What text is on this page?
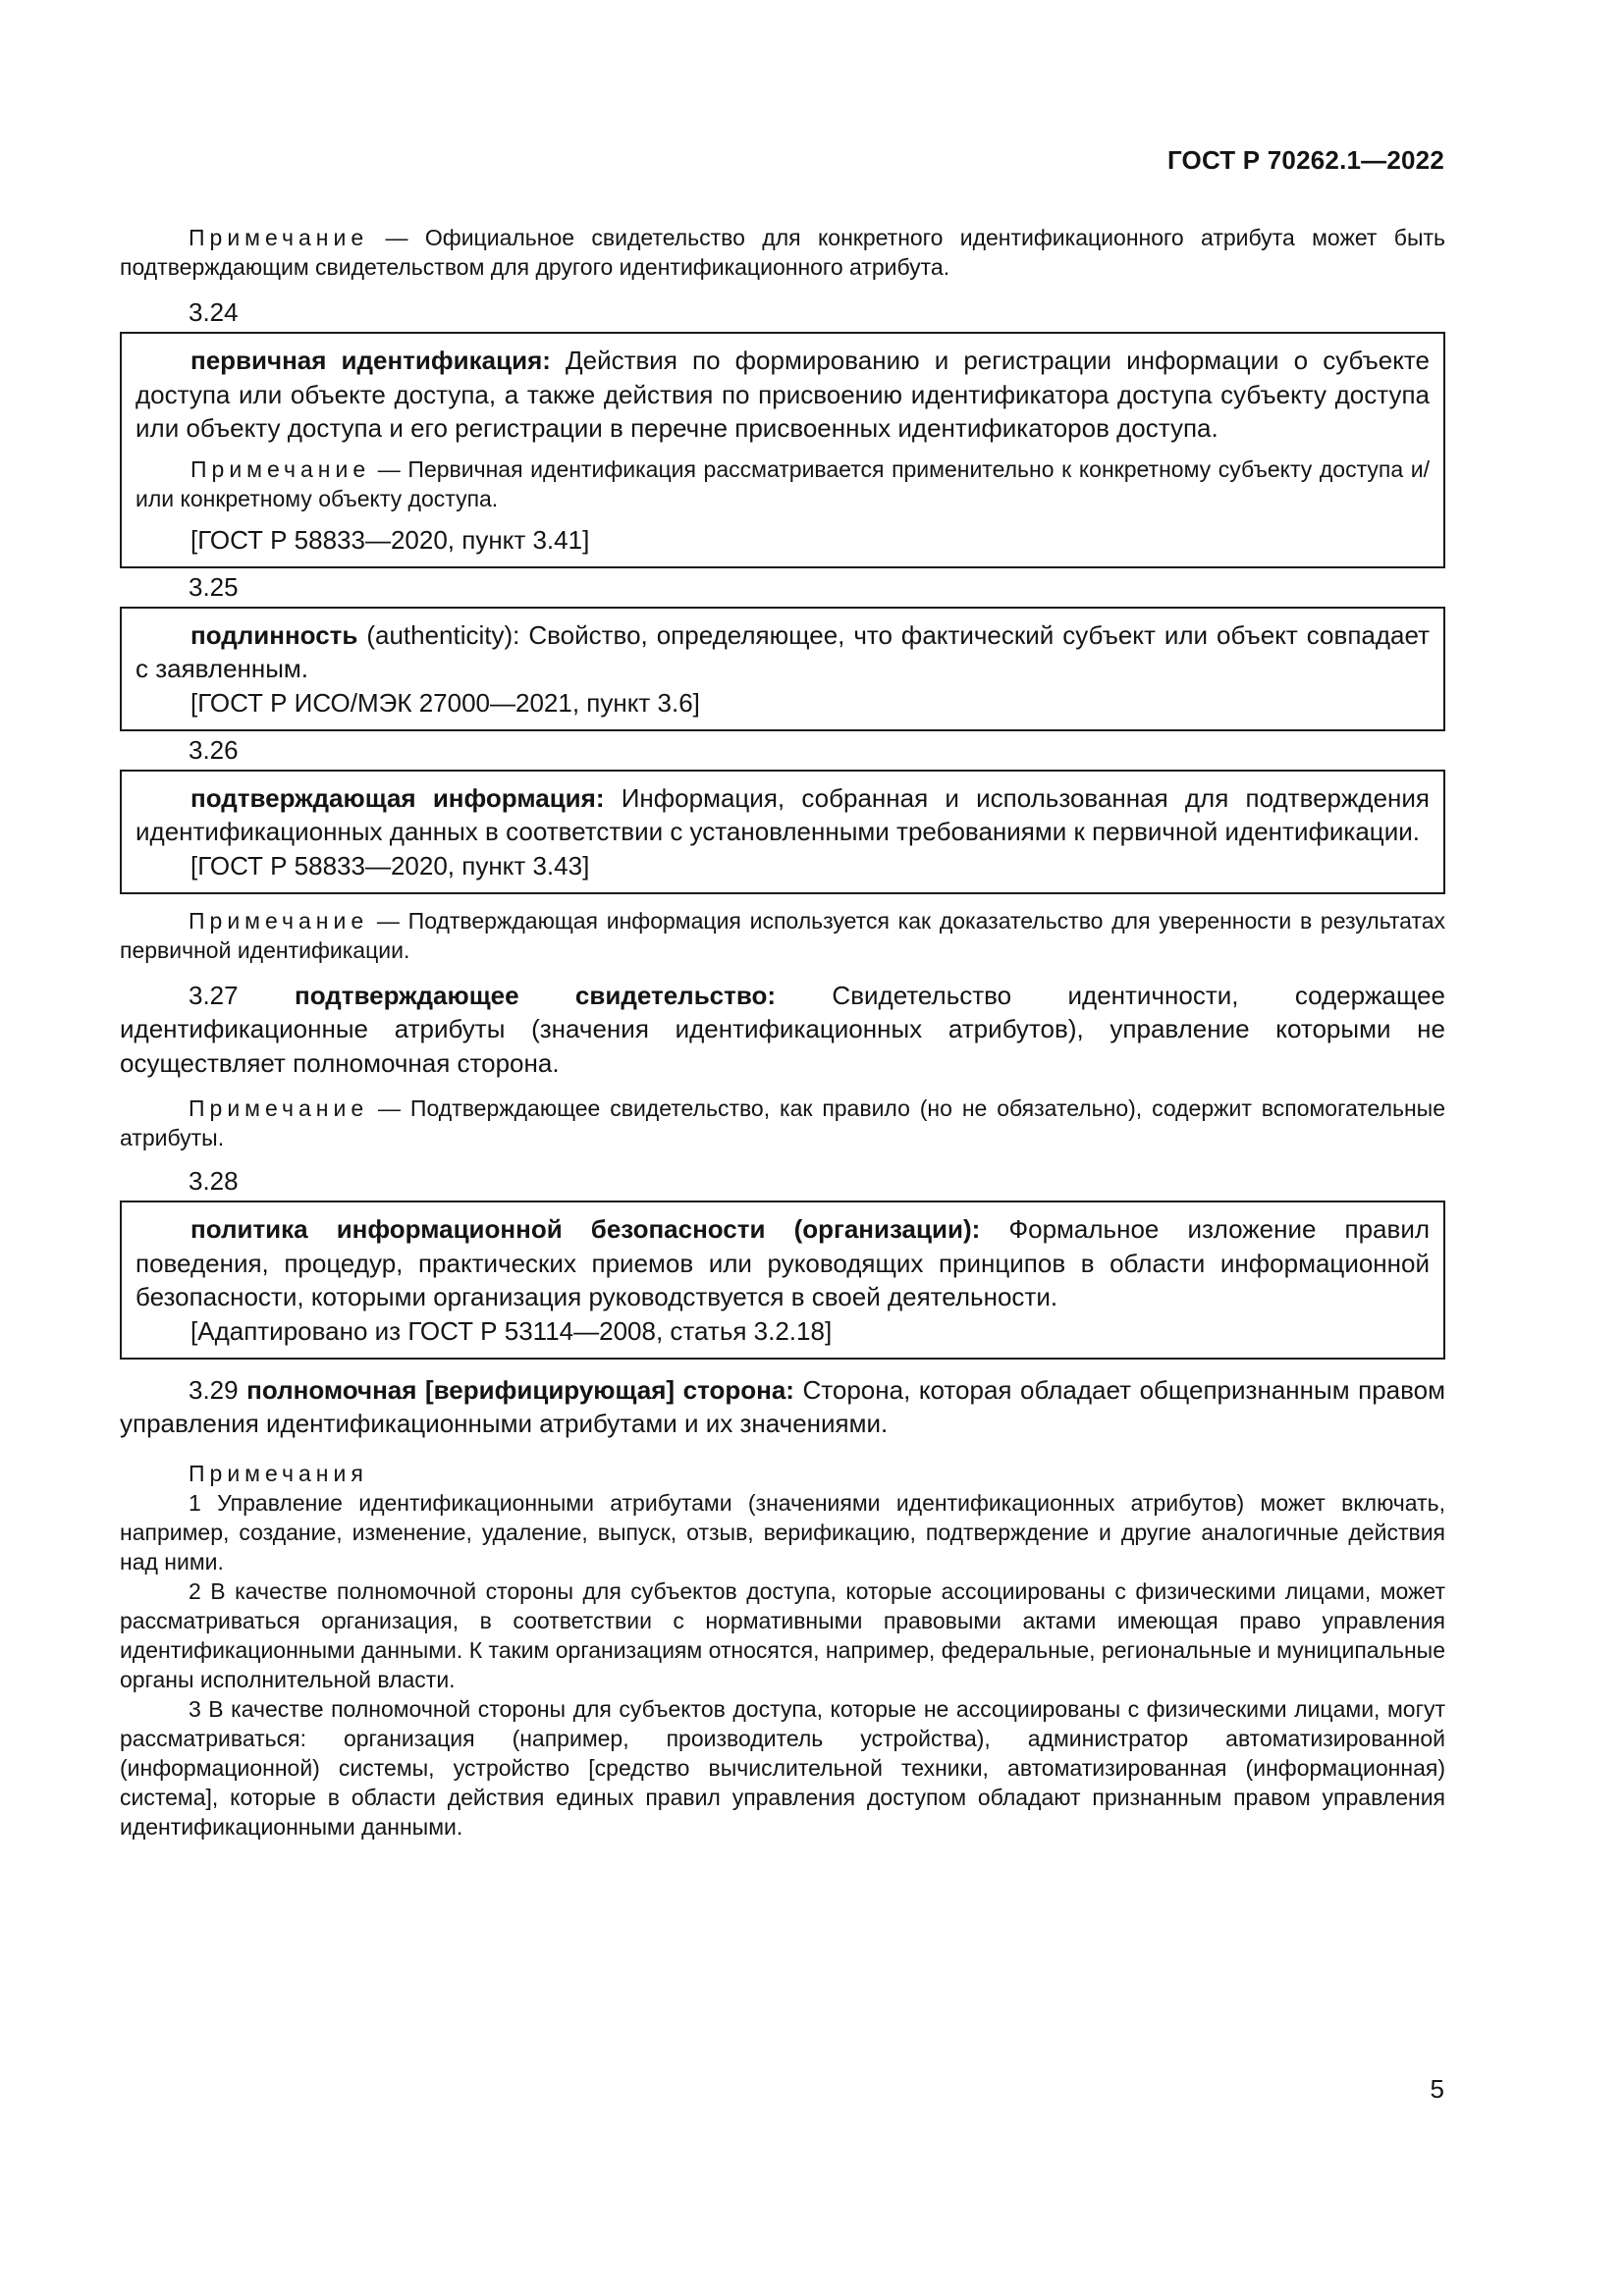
ГОСТ Р 70262.1—2022

Примечание — Официальное свидетельство для конкретного идентификационного атрибута может быть подтверждающим свидетельством для другого идентификационного атрибута.

3.24

первичная идентификация: Действия по формированию и регистрации информации о субъекте доступа или объекте доступа, а также действия по присвоению идентификатора доступа субъекту доступа или объекту доступа и его регистрации в перечне присвоенных идентификаторов доступа.

Примечание — Первичная идентификация рассматривается применительно к конкретному субъекту доступа и/или конкретному объекту доступа.

[ГОСТ Р 58833—2020, пункт 3.41]

3.25

подлинность (authenticity): Свойство, определяющее, что фактический субъект или объект совпадает с заявленным.

[ГОСТ Р ИСО/МЭК 27000—2021, пункт 3.6]

3.26

подтверждающая информация: Информация, собранная и использованная для подтверждения идентификационных данных в соответствии с установленными требованиями к первичной идентификации.

[ГОСТ Р 58833—2020, пункт 3.43]

Примечание — Подтверждающая информация используется как доказательство для уверенности в результатах первичной идентификации.

3.27 подтверждающее свидетельство: Свидетельство идентичности, содержащее идентификационные атрибуты (значения идентификационных атрибутов), управление которыми не осуществляет полномочная сторона.

Примечание — Подтверждающее свидетельство, как правило (но не обязательно), содержит вспомогательные атрибуты.

3.28

политика информационной безопасности (организации): Формальное изложение правил поведения, процедур, практических приемов или руководящих принципов в области информационной безопасности, которыми организация руководствуется в своей деятельности.

[Адаптировано из ГОСТ Р 53114—2008, статья 3.2.18]

3.29 полномочная [верифицирующая] сторона: Сторона, которая обладает общепризнанным правом управления идентификационными атрибутами и их значениями.

Примечания

1 Управление идентификационными атрибутами (значениями идентификационных атрибутов) может включать, например, создание, изменение, удаление, выпуск, отзыв, верификацию, подтверждение и другие аналогичные действия над ними.

2 В качестве полномочной стороны для субъектов доступа, которые ассоциированы с физическими лицами, может рассматриваться организация, в соответствии с нормативными правовыми актами имеющая право управления идентификационными данными. К таким организациям относятся, например, федеральные, региональные и муниципальные органы исполнительной власти.

3 В качестве полномочной стороны для субъектов доступа, которые не ассоциированы с физическими лицами, могут рассматриваться: организация (например, производитель устройства), администратор автоматизированной (информационной) системы, устройство [средство вычислительной техники, автоматизированная (информационная) система], которые в области действия единых правил управления доступом обладают признанным правом управления идентификационными данными.

5
